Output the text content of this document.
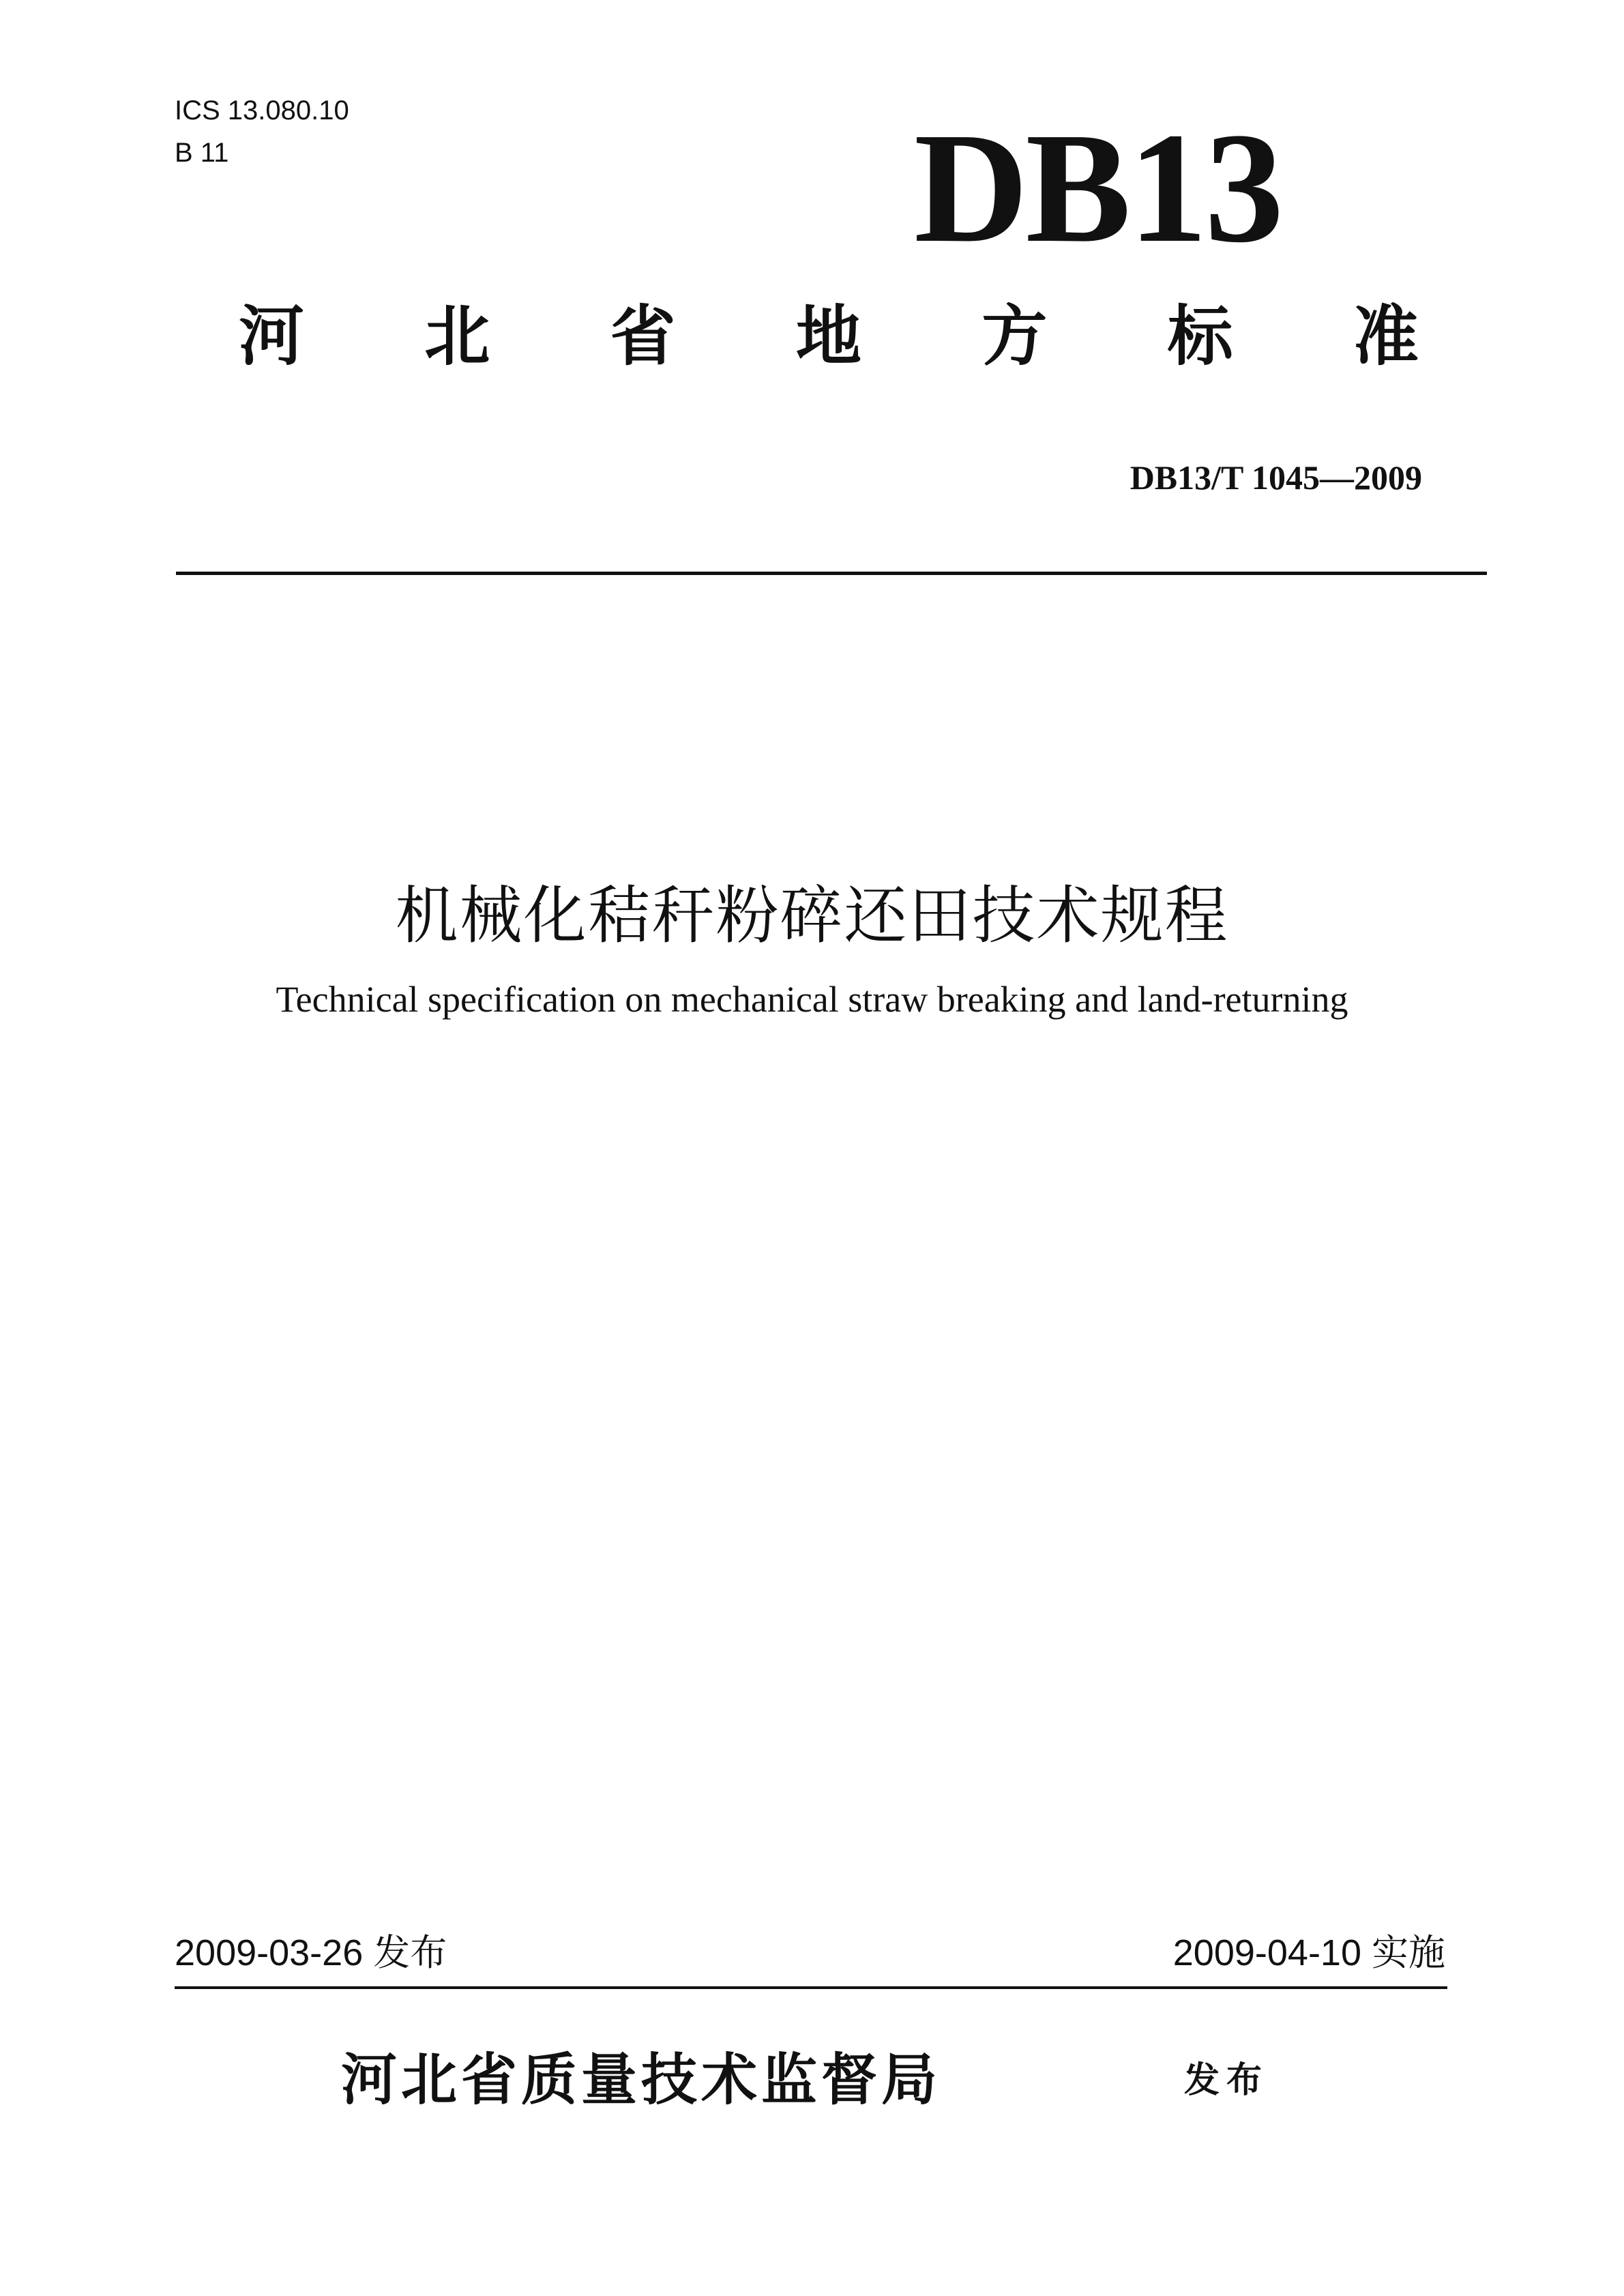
ICS 13.080.10
B 11	DB13
河 北 省 地 方 标 准
DB13/T 1045—2009
机械化秸秆粉碎还田技术规程
Technical specification on mechanical straw breaking and land-returning
2009-03-26 发布	2009-04-10 实施
河北省质量技术监督局	发布
